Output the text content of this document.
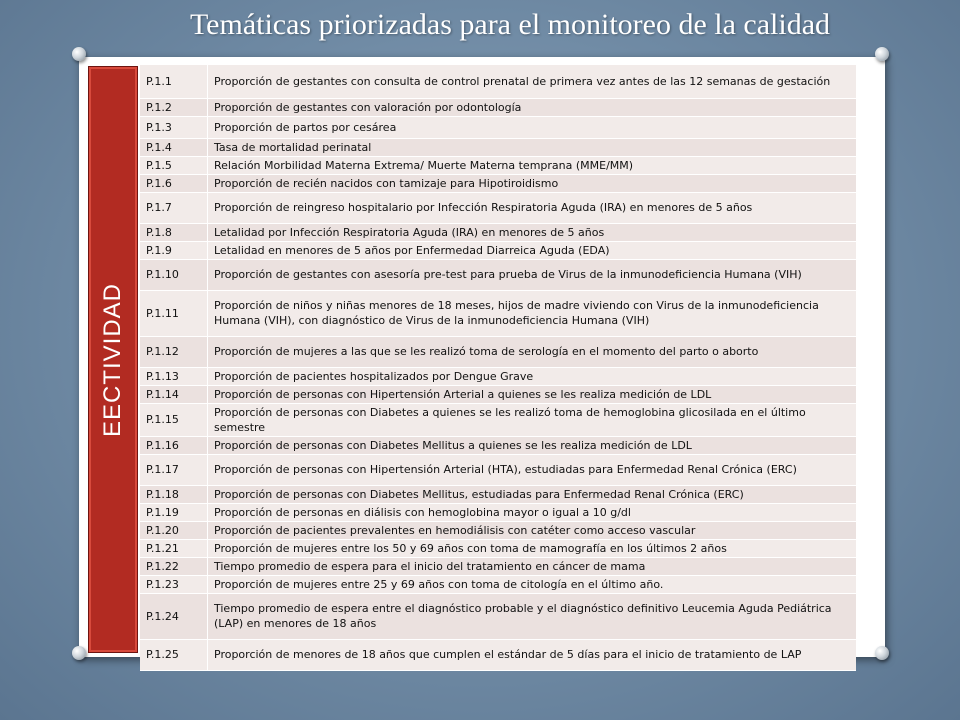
Temáticas priorizadas para el monitoreo de la calidad
EECTIVIDAD
P.1.1	Proporción de gestantes con consulta de control prenatal de primera vez antes de las 12 semanas de gestación
P.1.2	Proporción de gestantes con valoración por odontología
P.1.3	Proporción de partos por cesárea
P.1.4	Tasa de mortalidad perinatal
P.1.5	Relación Morbilidad Materna Extrema/ Muerte Materna temprana (MME/MM)
P.1.6	Proporción de recién nacidos con tamizaje para Hipotiroidismo
P.1.7	Proporción de reingreso hospitalario por Infección Respiratoria Aguda (IRA) en menores de 5 años
P.1.8	Letalidad por Infección Respiratoria Aguda (IRA) en menores de 5 años
P.1.9	Letalidad en menores de 5 años por Enfermedad Diarreica Aguda (EDA)
P.1.10	Proporción de gestantes con asesoría pre-test para prueba de Virus de la inmunodeficiencia Humana (VIH)
P.1.11	Proporción de niños y niñas menores de 18 meses, hijos de madre viviendo con Virus de la inmunodeficiencia Humana (VIH), con diagnóstico de Virus de la inmunodeficiencia Humana (VIH)
P.1.12	Proporción de mujeres a las que se les realizó toma de serología en el momento del parto o aborto
P.1.13	Proporción de pacientes hospitalizados por Dengue Grave
P.1.14	Proporción de personas con Hipertensión Arterial a quienes se les realiza medición de LDL
P.1.15	Proporción de personas con Diabetes a quienes se les realizó toma de hemoglobina glicosilada en el último semestre
P.1.16	Proporción de personas con Diabetes Mellitus a quienes se les realiza medición de LDL
P.1.17	Proporción de personas con Hipertensión Arterial (HTA), estudiadas para Enfermedad Renal Crónica (ERC)
P.1.18	Proporción de personas con Diabetes Mellitus, estudiadas para Enfermedad Renal Crónica (ERC)
P.1.19	Proporción de personas en diálisis con hemoglobina mayor o igual a 10 g/dl
P.1.20	Proporción de pacientes prevalentes en hemodiálisis con catéter como acceso vascular
P.1.21	Proporción de mujeres entre los 50 y 69 años con toma de mamografía en los últimos 2 años
P.1.22	Tiempo promedio de espera para el inicio del tratamiento en cáncer de mama
P.1.23	Proporción de mujeres entre 25 y 69 años con toma de citología en el último año.
P.1.24	Tiempo promedio de espera entre el diagnóstico probable y el diagnóstico definitivo Leucemia Aguda Pediátrica (LAP) en menores de 18 años
P.1.25	Proporción de menores de 18 años que cumplen el estándar de 5 días para el inicio de tratamiento de LAP
